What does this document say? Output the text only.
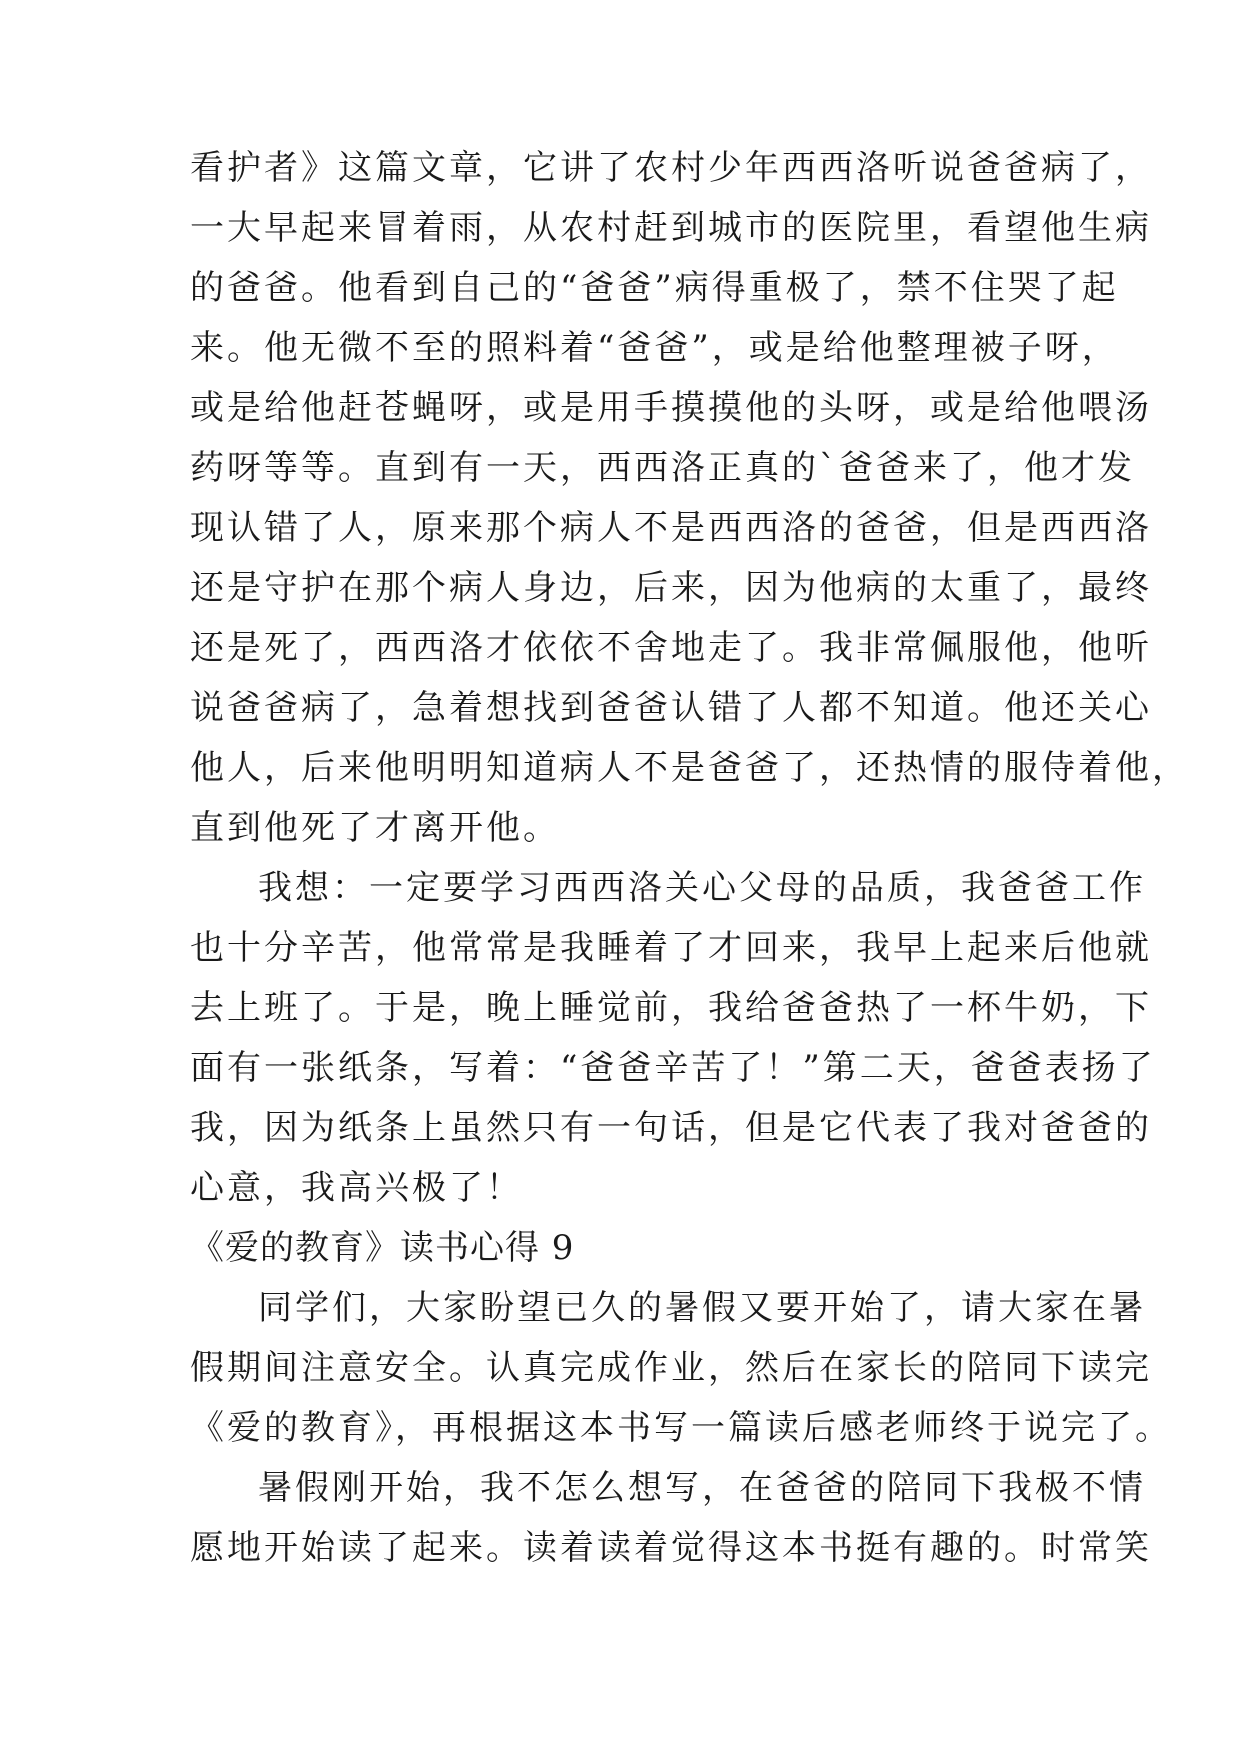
看护者》这篇文章，它讲了农村少年西西洛听说爸爸病了，
一大早起来冒着雨，从农村赶到城市的医院里，看望他生病
的爸爸。他看到自己的“爸爸”病得重极了，禁不住哭了起
来。他无微不至的照料着“爸爸”，或是给他整理被子呀，
或是给他赶苍蝇呀，或是用手摸摸他的头呀，或是给他喂汤
药呀等等。直到有一天，西西洛正真的`爸爸来了，他才发
现认错了人，原来那个病人不是西西洛的爸爸，但是西西洛
还是守护在那个病人身边，后来，因为他病的太重了，最终
还是死了，西西洛才依依不舍地走了。我非常佩服他，他听
说爸爸病了，急着想找到爸爸认错了人都不知道。他还关心
他人，后来他明明知道病人不是爸爸了，还热情的服侍着他，
直到他死了才离开他。
我想：一定要学习西西洛关心父母的品质，我爸爸工作
也十分辛苦，他常常是我睡着了才回来，我早上起来后他就
去上班了。于是，晚上睡觉前，我给爸爸热了一杯牛奶，下
面有一张纸条，写着：“爸爸辛苦了！”第二天，爸爸表扬了
我，因为纸条上虽然只有一句话，但是它代表了我对爸爸的
心意，我高兴极了！
《爱的教育》读书心得 9
同学们，大家盼望已久的暑假又要开始了，请大家在暑
假期间注意安全。认真完成作业，然后在家长的陪同下读完
《爱的教育》，再根据这本书写一篇读后感老师终于说完了。
暑假刚开始，我不怎么想写，在爸爸的陪同下我极不情
愿地开始读了起来。读着读着觉得这本书挺有趣的。时常笑
